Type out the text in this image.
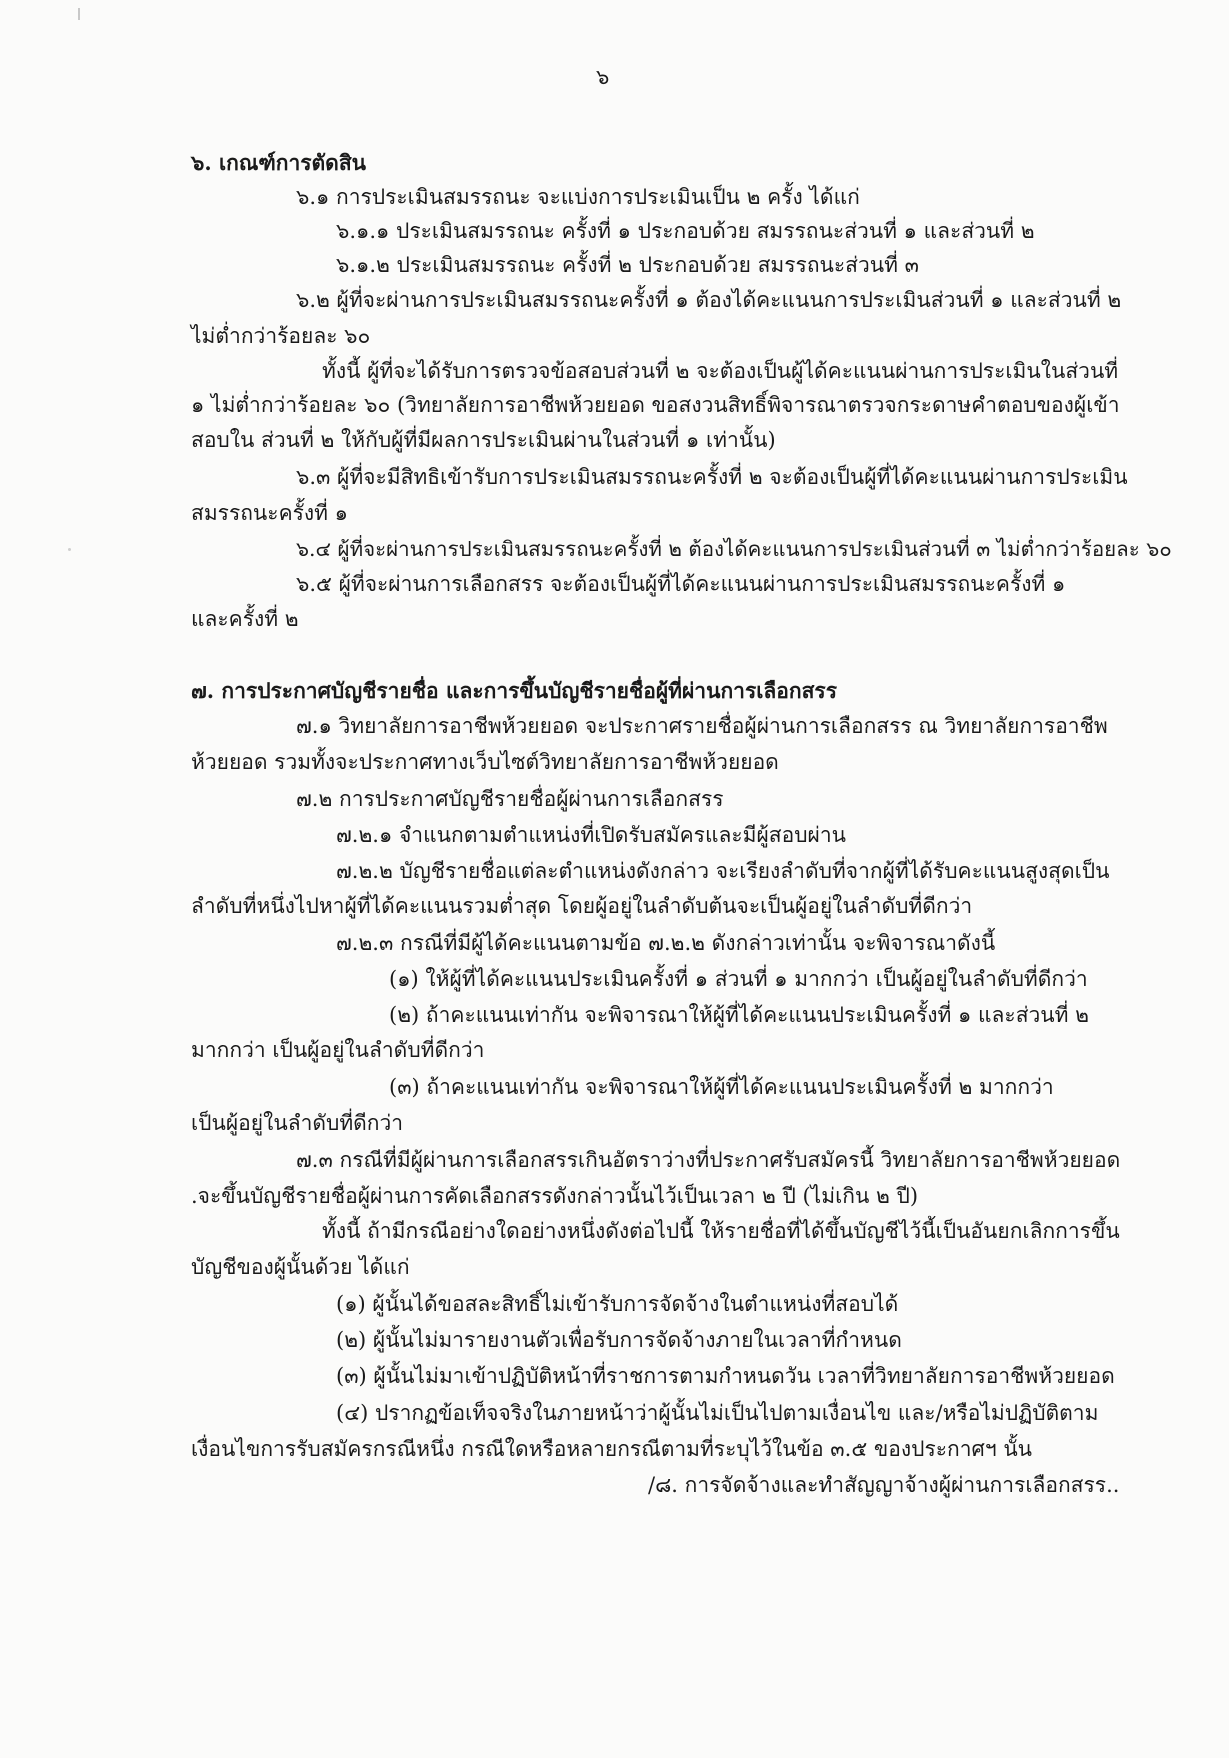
๖
๖. เกณฑ์การตัดสิน
๖.๑ การประเมินสมรรถนะ จะแบ่งการประเมินเป็น ๒ ครั้ง ได้แก่
๖.๑.๑ ประเมินสมรรถนะ ครั้งที่ ๑ ประกอบด้วย สมรรถนะส่วนที่ ๑ และส่วนที่ ๒
๖.๑.๒ ประเมินสมรรถนะ ครั้งที่ ๒ ประกอบด้วย สมรรถนะส่วนที่ ๓
๖.๒ ผู้ที่จะผ่านการประเมินสมรรถนะครั้งที่ ๑ ต้องได้คะแนนการประเมินส่วนที่ ๑ และส่วนที่ ๒
ไม่ต่ำกว่าร้อยละ ๖๐
ทั้งนี้ ผู้ที่จะได้รับการตรวจข้อสอบส่วนที่ ๒ จะต้องเป็นผู้ได้คะแนนผ่านการประเมินในส่วนที่
๑ ไม่ต่ำกว่าร้อยละ ๖๐ (วิทยาลัยการอาชีพห้วยยอด ขอสงวนสิทธิ์พิจารณาตรวจกระดาษคำตอบของผู้เข้า
สอบใน ส่วนที่ ๒ ให้กับผู้ที่มีผลการประเมินผ่านในส่วนที่ ๑ เท่านั้น)
๖.๓ ผู้ที่จะมีสิทธิเข้ารับการประเมินสมรรถนะครั้งที่ ๒ จะต้องเป็นผู้ที่ได้คะแนนผ่านการประเมิน
สมรรถนะครั้งที่ ๑
๖.๔ ผู้ที่จะผ่านการประเมินสมรรถนะครั้งที่ ๒ ต้องได้คะแนนการประเมินส่วนที่ ๓ ไม่ต่ำกว่าร้อยละ ๖๐
๖.๕ ผู้ที่จะผ่านการเลือกสรร จะต้องเป็นผู้ที่ได้คะแนนผ่านการประเมินสมรรถนะครั้งที่ ๑
และครั้งที่ ๒
๗. การประกาศบัญชีรายชื่อ และการขึ้นบัญชีรายชื่อผู้ที่ผ่านการเลือกสรร
๗.๑ วิทยาลัยการอาชีพห้วยยอด จะประกาศรายชื่อผู้ผ่านการเลือกสรร ณ วิทยาลัยการอาชีพ
ห้วยยอด รวมทั้งจะประกาศทางเว็บไซต์วิทยาลัยการอาชีพห้วยยอด
๗.๒ การประกาศบัญชีรายชื่อผู้ผ่านการเลือกสรร
๗.๒.๑ จำแนกตามตำแหน่งที่เปิดรับสมัครและมีผู้สอบผ่าน
๗.๒.๒ บัญชีรายชื่อแต่ละตำแหน่งดังกล่าว จะเรียงลำดับที่จากผู้ที่ได้รับคะแนนสูงสุดเป็น
ลำดับที่หนึ่งไปหาผู้ที่ได้คะแนนรวมต่ำสุด โดยผู้อยู่ในลำดับต้นจะเป็นผู้อยู่ในลำดับที่ดีกว่า
๗.๒.๓ กรณีที่มีผู้ได้คะแนนตามข้อ ๗.๒.๒ ดังกล่าวเท่านั้น จะพิจารณาดังนี้
(๑) ให้ผู้ที่ได้คะแนนประเมินครั้งที่ ๑ ส่วนที่ ๑ มากกว่า เป็นผู้อยู่ในลำดับที่ดีกว่า
(๒) ถ้าคะแนนเท่ากัน จะพิจารณาให้ผู้ที่ได้คะแนนประเมินครั้งที่ ๑ และส่วนที่ ๒
มากกว่า เป็นผู้อยู่ในลำดับที่ดีกว่า
(๓) ถ้าคะแนนเท่ากัน จะพิจารณาให้ผู้ที่ได้คะแนนประเมินครั้งที่ ๒ มากกว่า
เป็นผู้อยู่ในลำดับที่ดีกว่า
๗.๓ กรณีที่มีผู้ผ่านการเลือกสรรเกินอัตราว่างที่ประกาศรับสมัครนี้ วิทยาลัยการอาชีพห้วยยอด
.จะขึ้นบัญชีรายชื่อผู้ผ่านการคัดเลือกสรรดังกล่าวนั้นไว้เป็นเวลา ๒ ปี (ไม่เกิน ๒ ปี)
ทั้งนี้ ถ้ามีกรณีอย่างใดอย่างหนึ่งดังต่อไปนี้ ให้รายชื่อที่ได้ขึ้นบัญชีไว้นี้เป็นอันยกเลิกการขึ้น
บัญชีของผู้นั้นด้วย ได้แก่
(๑) ผู้นั้นได้ขอสละสิทธิ์ไม่เข้ารับการจัดจ้างในตำแหน่งที่สอบได้
(๒) ผู้นั้นไม่มารายงานตัวเพื่อรับการจัดจ้างภายในเวลาที่กำหนด
(๓) ผู้นั้นไม่มาเข้าปฏิบัติหน้าที่ราชการตามกำหนดวัน เวลาที่วิทยาลัยการอาชีพห้วยยอด
(๔) ปรากฏข้อเท็จจริงในภายหน้าว่าผู้นั้นไม่เป็นไปตามเงื่อนไข และ/หรือไม่ปฏิบัติตาม
เงื่อนไขการรับสมัครกรณีหนึ่ง กรณีใดหรือหลายกรณีตามที่ระบุไว้ในข้อ ๓.๕ ของประกาศฯ นั้น
/๘. การจัดจ้างและทำสัญญาจ้างผู้ผ่านการเลือกสรร..
